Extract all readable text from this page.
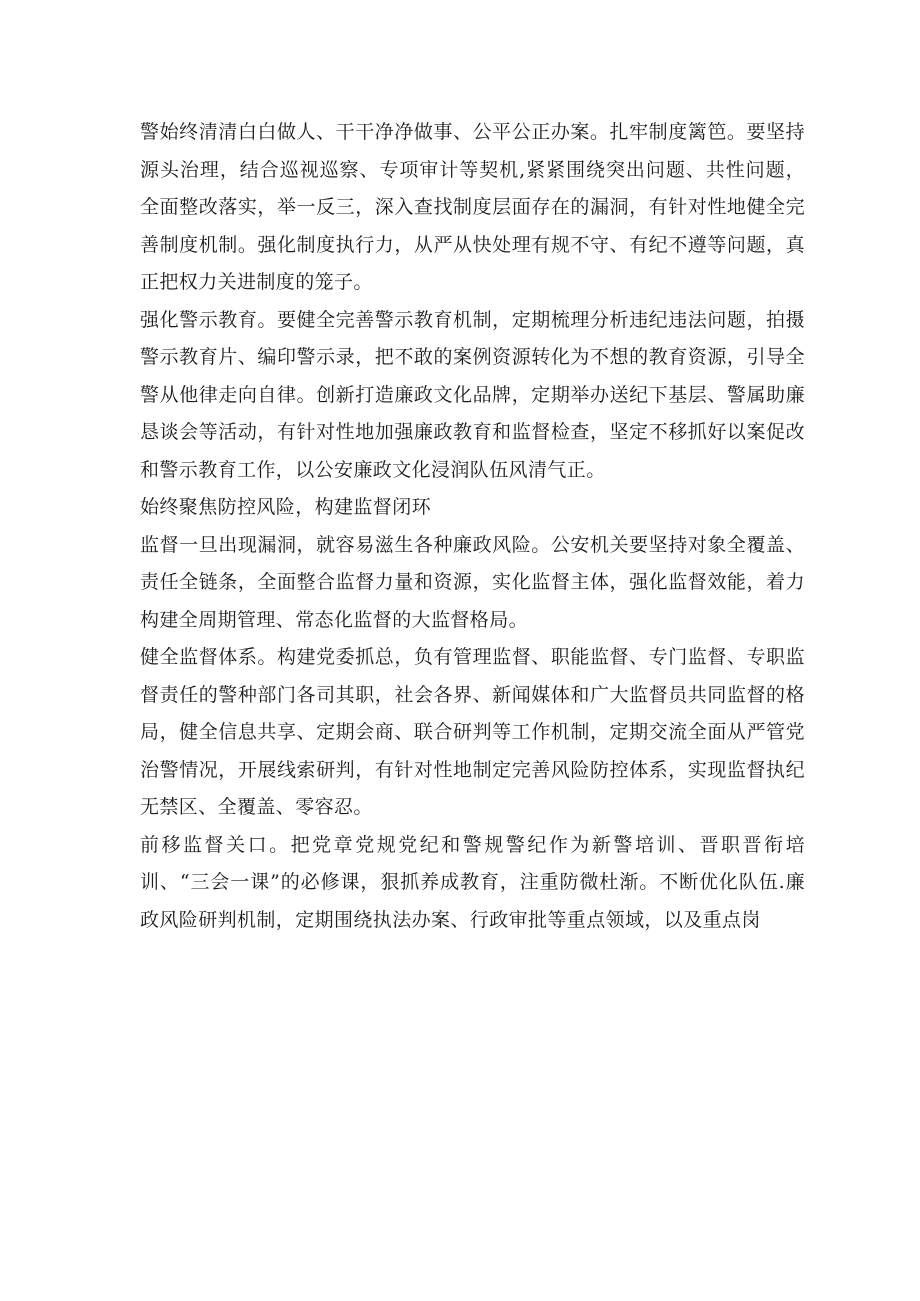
警始终清清白白做人、干干净净做事、公平公正办案。扎牢制度篱笆。要坚持源头治理，结合巡视巡察、专项审计等契机,紧紧围绕突出问题、共性问题，全面整改落实，举一反三，深入查找制度层面存在的漏洞，有针对性地健全完善制度机制。强化制度执行力，从严从快处理有规不守、有纪不遵等问题，真正把权力关进制度的笼子。

强化警示教育。要健全完善警示教育机制，定期梳理分析违纪违法问题，拍摄警示教育片、编印警示录，把不敢的案例资源转化为不想的教育资源，引导全警从他律走向自律。创新打造廉政文化品牌，定期举办送纪下基层、警属助廉恳谈会等活动，有针对性地加强廉政教育和监督检查，坚定不移抓好以案促改和警示教育工作，以公安廉政文化浸润队伍风清气正。

始终聚焦防控风险，构建监督闭环

监督一旦出现漏洞，就容易滋生各种廉政风险。公安机关要坚持对象全覆盖、责任全链条，全面整合监督力量和资源，实化监督主体，强化监督效能，着力构建全周期管理、常态化监督的大监督格局。

健全监督体系。构建党委抓总，负有管理监督、职能监督、专门监督、专职监督责任的警种部门各司其职，社会各界、新闻媒体和广大监督员共同监督的格局，健全信息共享、定期会商、联合研判等工作机制，定期交流全面从严管党治警情况，开展线索研判，有针对性地制定完善风险防控体系，实现监督执纪无禁区、全覆盖、零容忍。

前移监督关口。把党章党规党纪和警规警纪作为新警培训、晋职晋衔培训、“三会一课”的必修课，狠抓养成教育，注重防微杜渐。不断优化队伍.廉政风险研判机制，定期围绕执法办案、行政审批等重点领域，以及重点岗
